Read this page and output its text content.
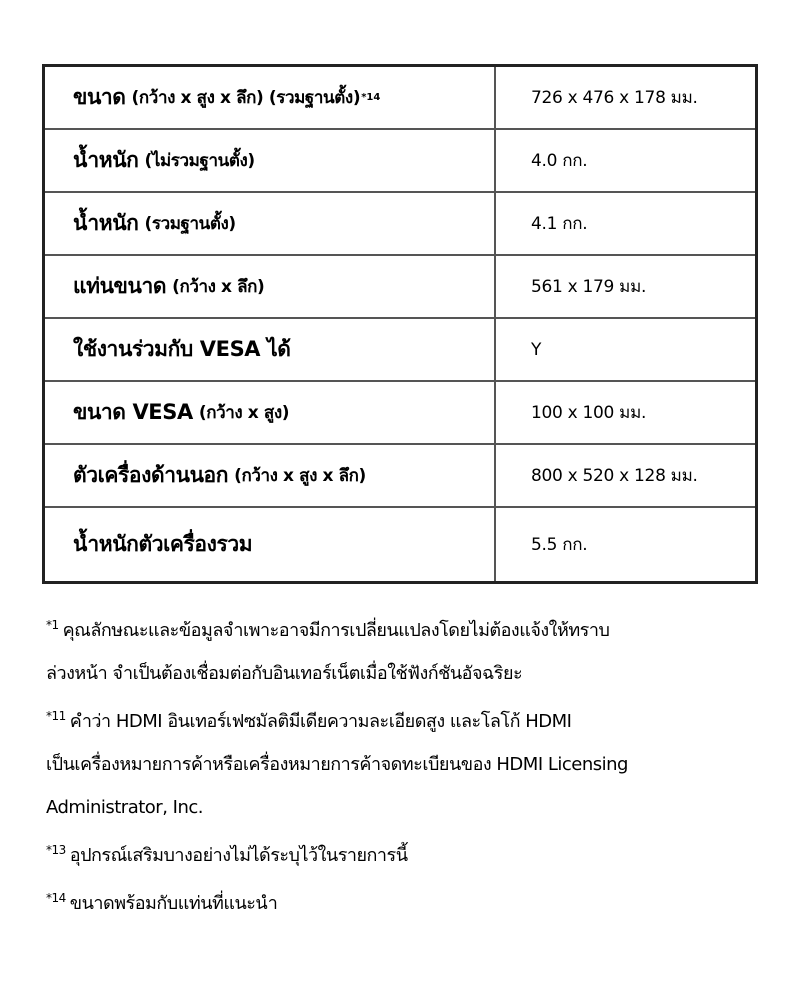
ขนาด (กว้าง x สูง x ลึก) (รวมฐานตั้ง) *14	726 x 476 x 178 มม.
น้ำหนัก (ไม่รวมฐานตั้ง)	4.0 กก.
น้ำหนัก (รวมฐานตั้ง)	4.1 กก.
แท่นขนาด (กว้าง x ลึก)	561 x 179 มม.
ใช้งานร่วมกับ VESA ได้	Y
ขนาด VESA (กว้าง x สูง)	100 x 100 มม.
ตัวเครื่องด้านนอก (กว้าง x สูง x ลึก)	800 x 520 x 128 มม.
น้ำหนักตัวเครื่องรวม	5.5 กก.
$^{*1}$ คุณลักษณะและข้อมูลจำเพาะอาจมีการเปลี่ยนแปลงโดยไม่ต้องแจ้งให้ทราบ
ล่วงหน้า จำเป็นต้องเชื่อมต่อกับอินเทอร์เน็ตเมื่อใช้ฟังก์ชันอัจฉริยะ
$^{*11}$ คำว่า HDMI อินเทอร์เฟซมัลติมีเดียความละเอียดสูง และโลโก้ HDMI
เป็นเครื่องหมายการค้าหรือเครื่องหมายการค้าจดทะเบียนของ HDMI Licensing
Administrator, Inc.
$^{*13}$ อุปกรณ์เสริมบางอย่างไม่ได้ระบุไว้ในรายการนี้
$^{*14}$ ขนาดพร้อมกับแท่นที่แนะนำ
